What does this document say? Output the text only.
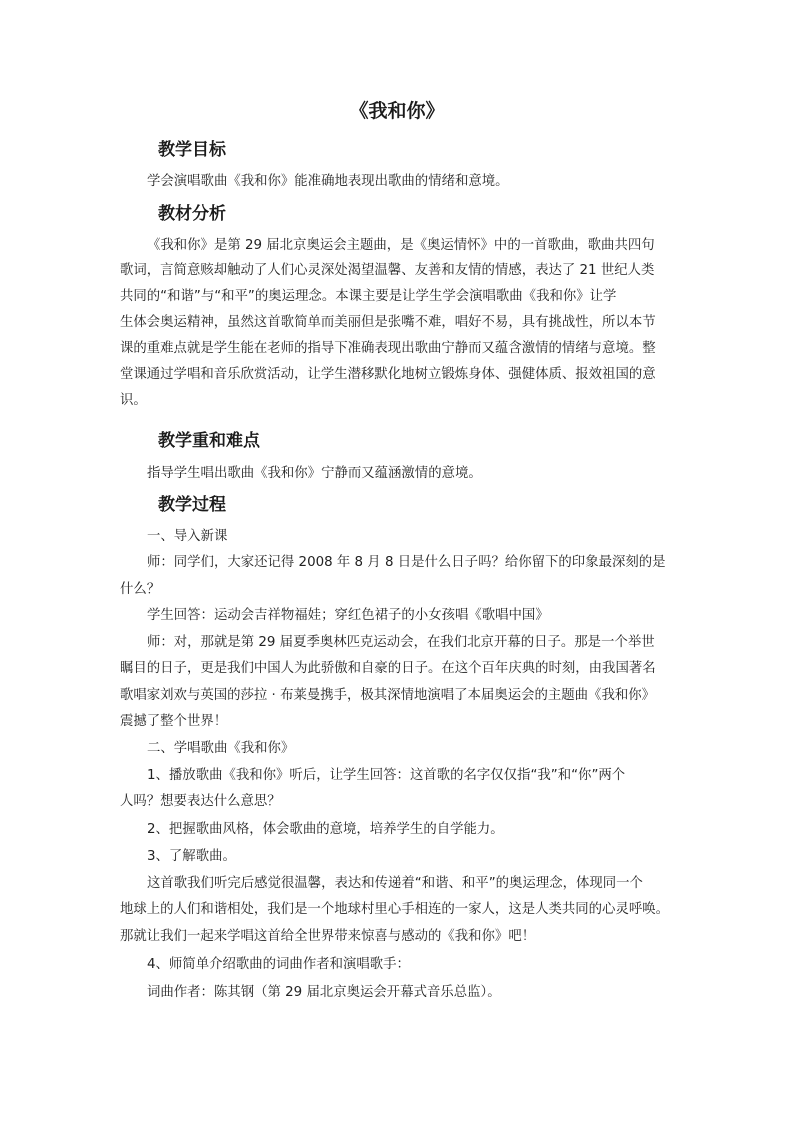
《我和你》
教学目标
学会演唱歌曲《我和你》能准确地表现出歌曲的情绪和意境。
教材分析
《我和你》是第 29 届北京奥运会主题曲，是《奥运情怀》中的一首歌曲，歌曲共四句
歌词，言简意赅却触动了人们心灵深处渴望温馨、友善和友情的情感，表达了 21 世纪人类
共同的“和谐”与“和平”的奥运理念。本课主要是让学生学会演唱歌曲《我和你》让学
生体会奥运精神，虽然这首歌简单而美丽但是张嘴不难，唱好不易，具有挑战性，所以本节
课的重难点就是学生能在老师的指导下准确表现出歌曲宁静而又蕴含激情的情绪与意境。整
堂课通过学唱和音乐欣赏活动，让学生潜移默化地树立锻炼身体、强健体质、报效祖国的意
识。
教学重和难点
指导学生唱出歌曲《我和你》宁静而又蕴涵激情的意境。
教学过程
一、导入新课
师：同学们，大家还记得 2008 年 8 月 8 日是什么日子吗？给你留下的印象最深刻的是
什么？
学生回答：运动会吉祥物福娃；穿红色裙子的小女孩唱《歌唱中国》
师：对，那就是第 29 届夏季奥林匹克运动会，在我们北京开幕的日子。那是一个举世
瞩目的日子，更是我们中国人为此骄傲和自豪的日子。在这个百年庆典的时刻，由我国著名
歌唱家刘欢与英国的莎拉 · 布莱曼携手，极其深情地演唱了本届奥运会的主题曲《我和你》
震撼了整个世界！
二、学唱歌曲《我和你》
1、播放歌曲《我和你》听后，让学生回答：这首歌的名字仅仅指“我”和“你”两个
人吗？想要表达什么意思？
2、把握歌曲风格，体会歌曲的意境，培养学生的自学能力。
3、了解歌曲。
这首歌我们听完后感觉很温馨，表达和传递着“和谐、和平”的奥运理念，体现同一个
地球上的人们和谐相处，我们是一个地球村里心手相连的一家人，这是人类共同的心灵呼唤。
那就让我们一起来学唱这首给全世界带来惊喜与感动的《我和你》吧！
4、师简单介绍歌曲的词曲作者和演唱歌手：
词曲作者：陈其钢（第 29 届北京奥运会开幕式音乐总监）。
